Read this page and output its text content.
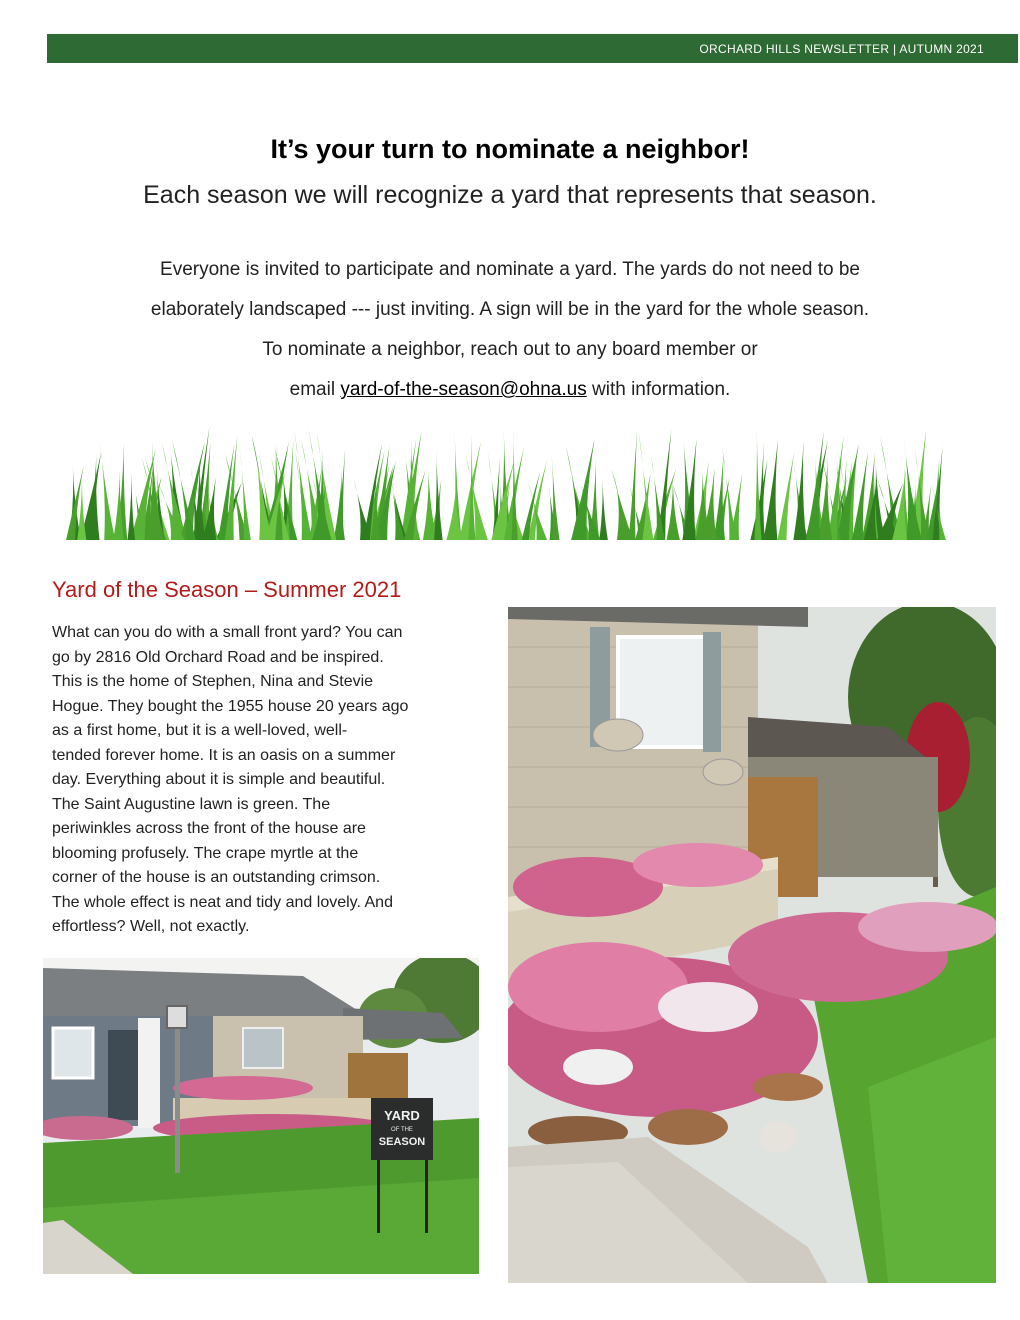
ORCHARD HILLS NEWSLETTER | AUTUMN 2021
It’s your turn to nominate a neighbor!
Each season we will recognize a yard that represents that season.
Everyone is invited to participate and nominate a yard. The yards do not need to be
elaborately landscaped --- just inviting. A sign will be in the yard for the whole season.
To nominate a neighbor, reach out to any board member or
email yard-of-the-season@ohna.us with information.
Yard of the Season – Summer 2021
What can you do with a small front yard? You can
go by 2816 Old Orchard Road and be inspired.
This is the home of Stephen, Nina and Stevie
Hogue. They bought the 1955 house 20 years ago
as a first home, but it is a well-loved, well-
tended forever home. It is an oasis on a summer
day. Everything about it is simple and beautiful.
The Saint Augustine lawn is green. The
periwinkles across the front of the house are
blooming profusely. The crape myrtle at the
corner of the house is an outstanding crimson.
The whole effect is neat and tidy and lovely. And
effortless? Well, not exactly.
YARD
OF THE
SEASON
